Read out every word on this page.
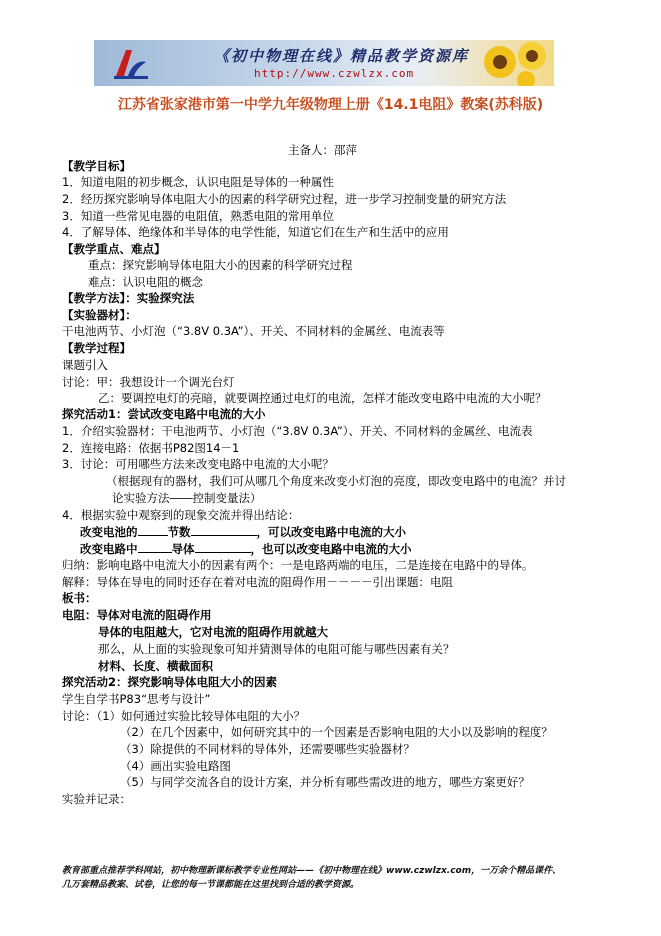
《初中物理在线》精品教学资源库
http://www.czwlzx.com
江苏省张家港市第一中学九年级物理上册《14.1电阻》教案(苏科版)
主备人：邵萍
【教学目标】
1．知道电阻的初步概念，认识电阻是导体的一种属性
2．经历探究影响导体电阻大小的因素的科学研究过程，进一步学习控制变量的研究方法
3．知道一些常见电器的电阻值，熟悉电阻的常用单位
4．了解导体、绝缘体和半导体的电学性能，知道它们在生产和生活中的应用
【教学重点、难点】
重点：探究影响导体电阻大小的因素的科学研究过程
难点：认识电阻的概念
【教学方法】：实验探究法
【实验器材】：
干电池两节、小灯泡（“3.8V 0.3A”）、开关、不同材料的金属丝、电流表等
【教学过程】
课题引入
讨论：甲：我想设计一个调光台灯
乙：要调控电灯的亮暗，就要调控通过电灯的电流，怎样才能改变电路中电流的大小呢？
探究活动1：尝试改变电路中电流的大小
1．介绍实验器材：干电池两节、小灯泡（“3.8V 0.3A”）、开关、不同材料的金属丝、电流表
2．连接电路：依据书P82图14－1
3．讨论：可用哪些方法来改变电路中电流的大小呢？
（根据现有的器材，我们可从哪几个角度来改变小灯泡的亮度，即改变电路中的电流？并讨
论实验方法――控制变量法）
4．根据实验中观察到的现象交流并得出结论：
改变电池的	节数	，可以改变电路中电流的大小
改变电路中	导体	，也可以改变电路中电流的大小
归纳：影响电路中电流大小的因素有两个：一是电路两端的电压，二是连接在电路中的导体。
解释：导体在导电的同时还存在着对电流的阻碍作用－－－－引出课题：电阻
板书：
电阻：导体对电流的阻碍作用
导体的电阻越大，它对电流的阻碍作用就越大
那么，从上面的实验现象可知并猜测导体的电阻可能与哪些因素有关？
材料、长度、横截面积
探究活动2：探究影响导体电阻大小的因素
学生自学书P83“思考与设计”
讨论：（1）如何通过实验比较导体电阻的大小？
（2）在几个因素中，如何研究其中的一个因素是否影响电阻的大小以及影响的程度？
（3）除提供的不同材料的导体外，还需要哪些实验器材？
（4）画出实验电路图
（5）与同学交流各自的设计方案，并分析有哪些需改进的地方，哪些方案更好？
实验并记录：
教育部重点推荐学科网站，初中物理新课标教学专业性网站——《初中物理在线》www.czwlzx.com，一万余个精品课件、
几万套精品教案、试卷，让您的每一节课都能在这里找到合适的教学资源。
